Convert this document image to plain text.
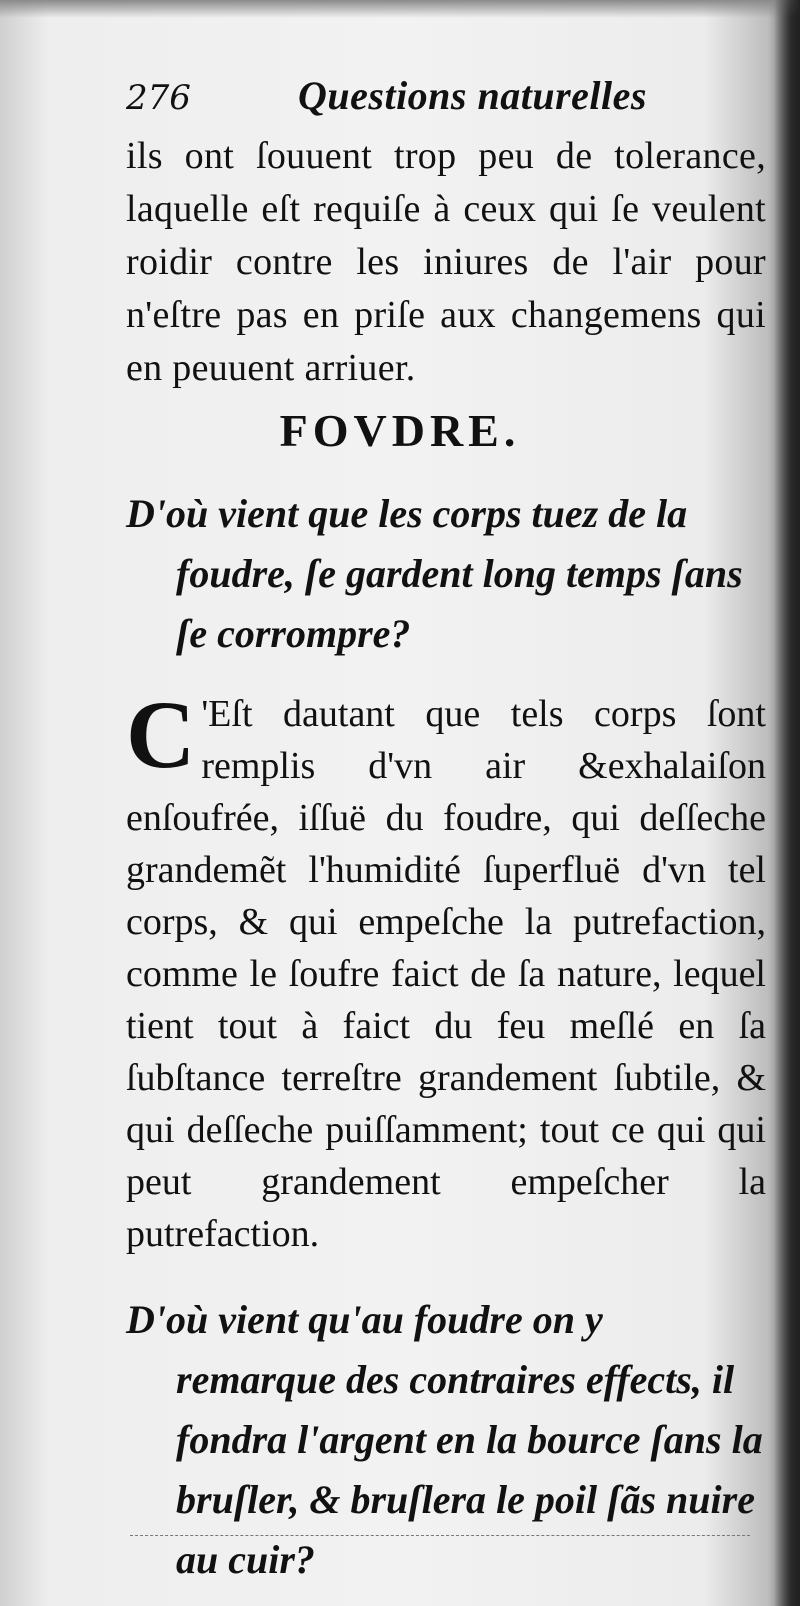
276	Questions naturelles
ils ont ſouuent trop peu de tolerance, laquelle eſt requiſe à ceux qui ſe veulent roidir contre les iniures de l'air pour n'eſtre pas en priſe aux changemens qui en peuuent arriuer.
FOVDRE.
D'où vient que les corps tuez de la foudre, ſe gardent long temps ſans ſe corrompre?
C 'Eſt dautant que tels corps ſont remplis d'vn air &exhalaiſon enſoufrée, iſſuë du foudre, qui deſſeche grandemẽt l'humidité ſuperfluë d'vn tel corps, & qui empeſche la putrefaction, comme le ſoufre faict de ſa nature, lequel tient tout à faict du feu meſlé en ſa ſubſtance terreſtre grandement ſubtile, & qui deſſeche puiſſamment; tout ce qui qui peut grandement empeſcher la putrefaction.
D'où vient qu'au foudre on y remarque des contraires effects, il fondra l'argent en la bource ſans la bruſler, & bruſlera le poil ſãs nuire au cuir?
